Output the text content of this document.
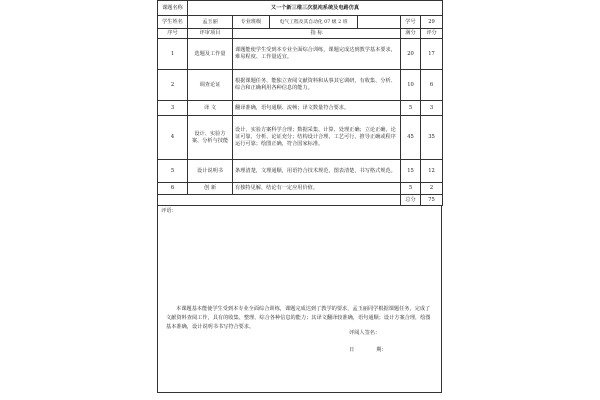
课题名称	又一个新三维三次混沌系统及电路仿真				
学生姓名	孟玉丽	专业班级 电气工程及其自动化 07 级 2 班		学号	29
序号	评审项目	指 标		满分	评分
1	选题及工作量	课题能使学生受到本专业全面综合训练，课题完成达到教学基本要求，难易程度、工作量适宜。		20	17
2	调查论证	根据课题任务，能独立查阅文献资料和从事其它调研，有收集、分析、综合和正确利用各种信息的能力。		10	6
3	译 文	翻译准确，语句通顺、流畅；译文数量符合要求。		5	3
4	设计、实验方案、分析与技能	设计、实验方案科学合理；数据采集、计算、处理正确；立论正确，论证可靠，分析、论证充分；结构设计合理、工艺可行，推导正确或程序运行可靠；绘图正确，符合国家标准。		45	35
5	设计说明书	条理清楚，文理通顺，用语符合技术规范，图表清楚，书写格式规范。		15	12
6	创 新	有独特见解，结论有一定应用价值。		5	2
				总分	75
评语：
本课题基本能使学生受到本专业全面综合训练，课题完成达到了教学的要求，孟玉丽同学根据课题任务，完成了文献资料查阅工作，具有的收集、整理、综合各种信息的能力；其译文翻译较准确，语句通顺；设计方案合理，绘图基本准确，设计说明书书写符合要求。
评阅人签名：
日	期：
